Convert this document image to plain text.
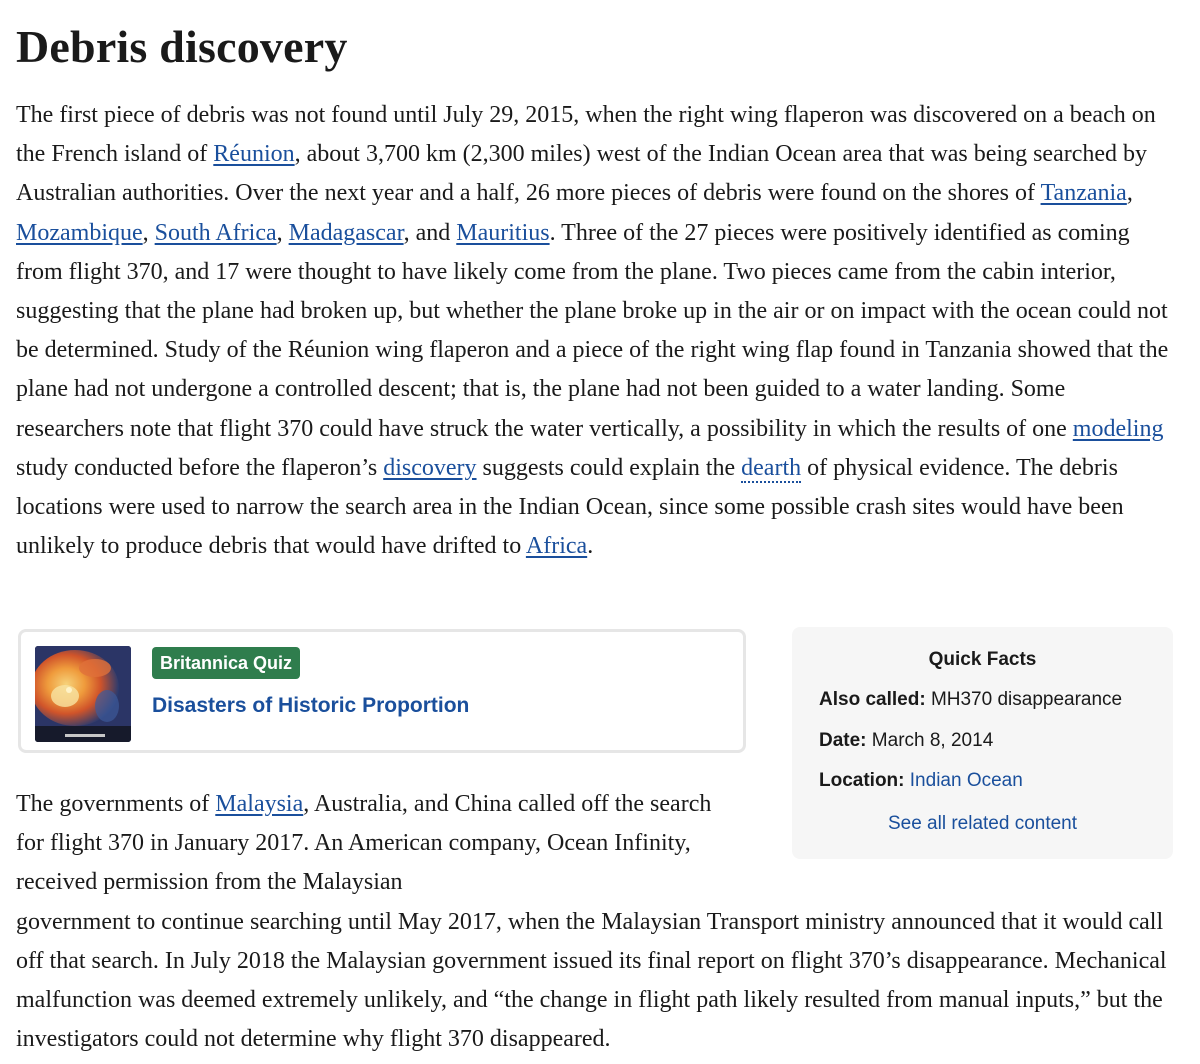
Debris discovery

The first piece of debris was not found until July 29, 2015, when the right wing flaperon was discovered on a beach on the French island of Réunion, about 3,700 km (2,300 miles) west of the Indian Ocean area that was being searched by Australian authorities. Over the next year and a half, 26 more pieces of debris were found on the shores of Tanzania, Mozambique, South Africa, Madagascar, and Mauritius. Three of the 27 pieces were positively identified as coming from flight 370, and 17 were thought to have likely come from the plane. Two pieces came from the cabin interior, suggesting that the plane had broken up, but whether the plane broke up in the air or on impact with the ocean could not be determined. Study of the Réunion wing flaperon and a piece of the right wing flap found in Tanzania showed that the plane had not undergone a controlled descent; that is, the plane had not been guided to a water landing. Some researchers note that flight 370 could have struck the water vertically, a possibility in which the results of one modeling study conducted before the flaperon’s discovery suggests could explain the dearth of physical evidence. The debris locations were used to narrow the search area in the Indian Ocean, since some possible crash sites would have been unlikely to produce debris that would have drifted to Africa.

Britannica Quiz
Disasters of Historic Proportion
Quick Facts
Also called: MH370 disappearance
Date: March 8, 2014
Location: Indian Ocean
See all related content

The governments of Malaysia, Australia, and China called off the search for flight 370 in January 2017. An American company, Ocean Infinity, received permission from the Malaysian
government to continue searching until May 2017, when the Malaysian Transport ministry announced that it would call off that search. In July 2018 the Malaysian government issued its final report on flight 370’s disappearance. Mechanical malfunction was deemed extremely unlikely, and “the change in flight path likely resulted from manual inputs,” but the investigators could not determine why flight 370 disappeared.
